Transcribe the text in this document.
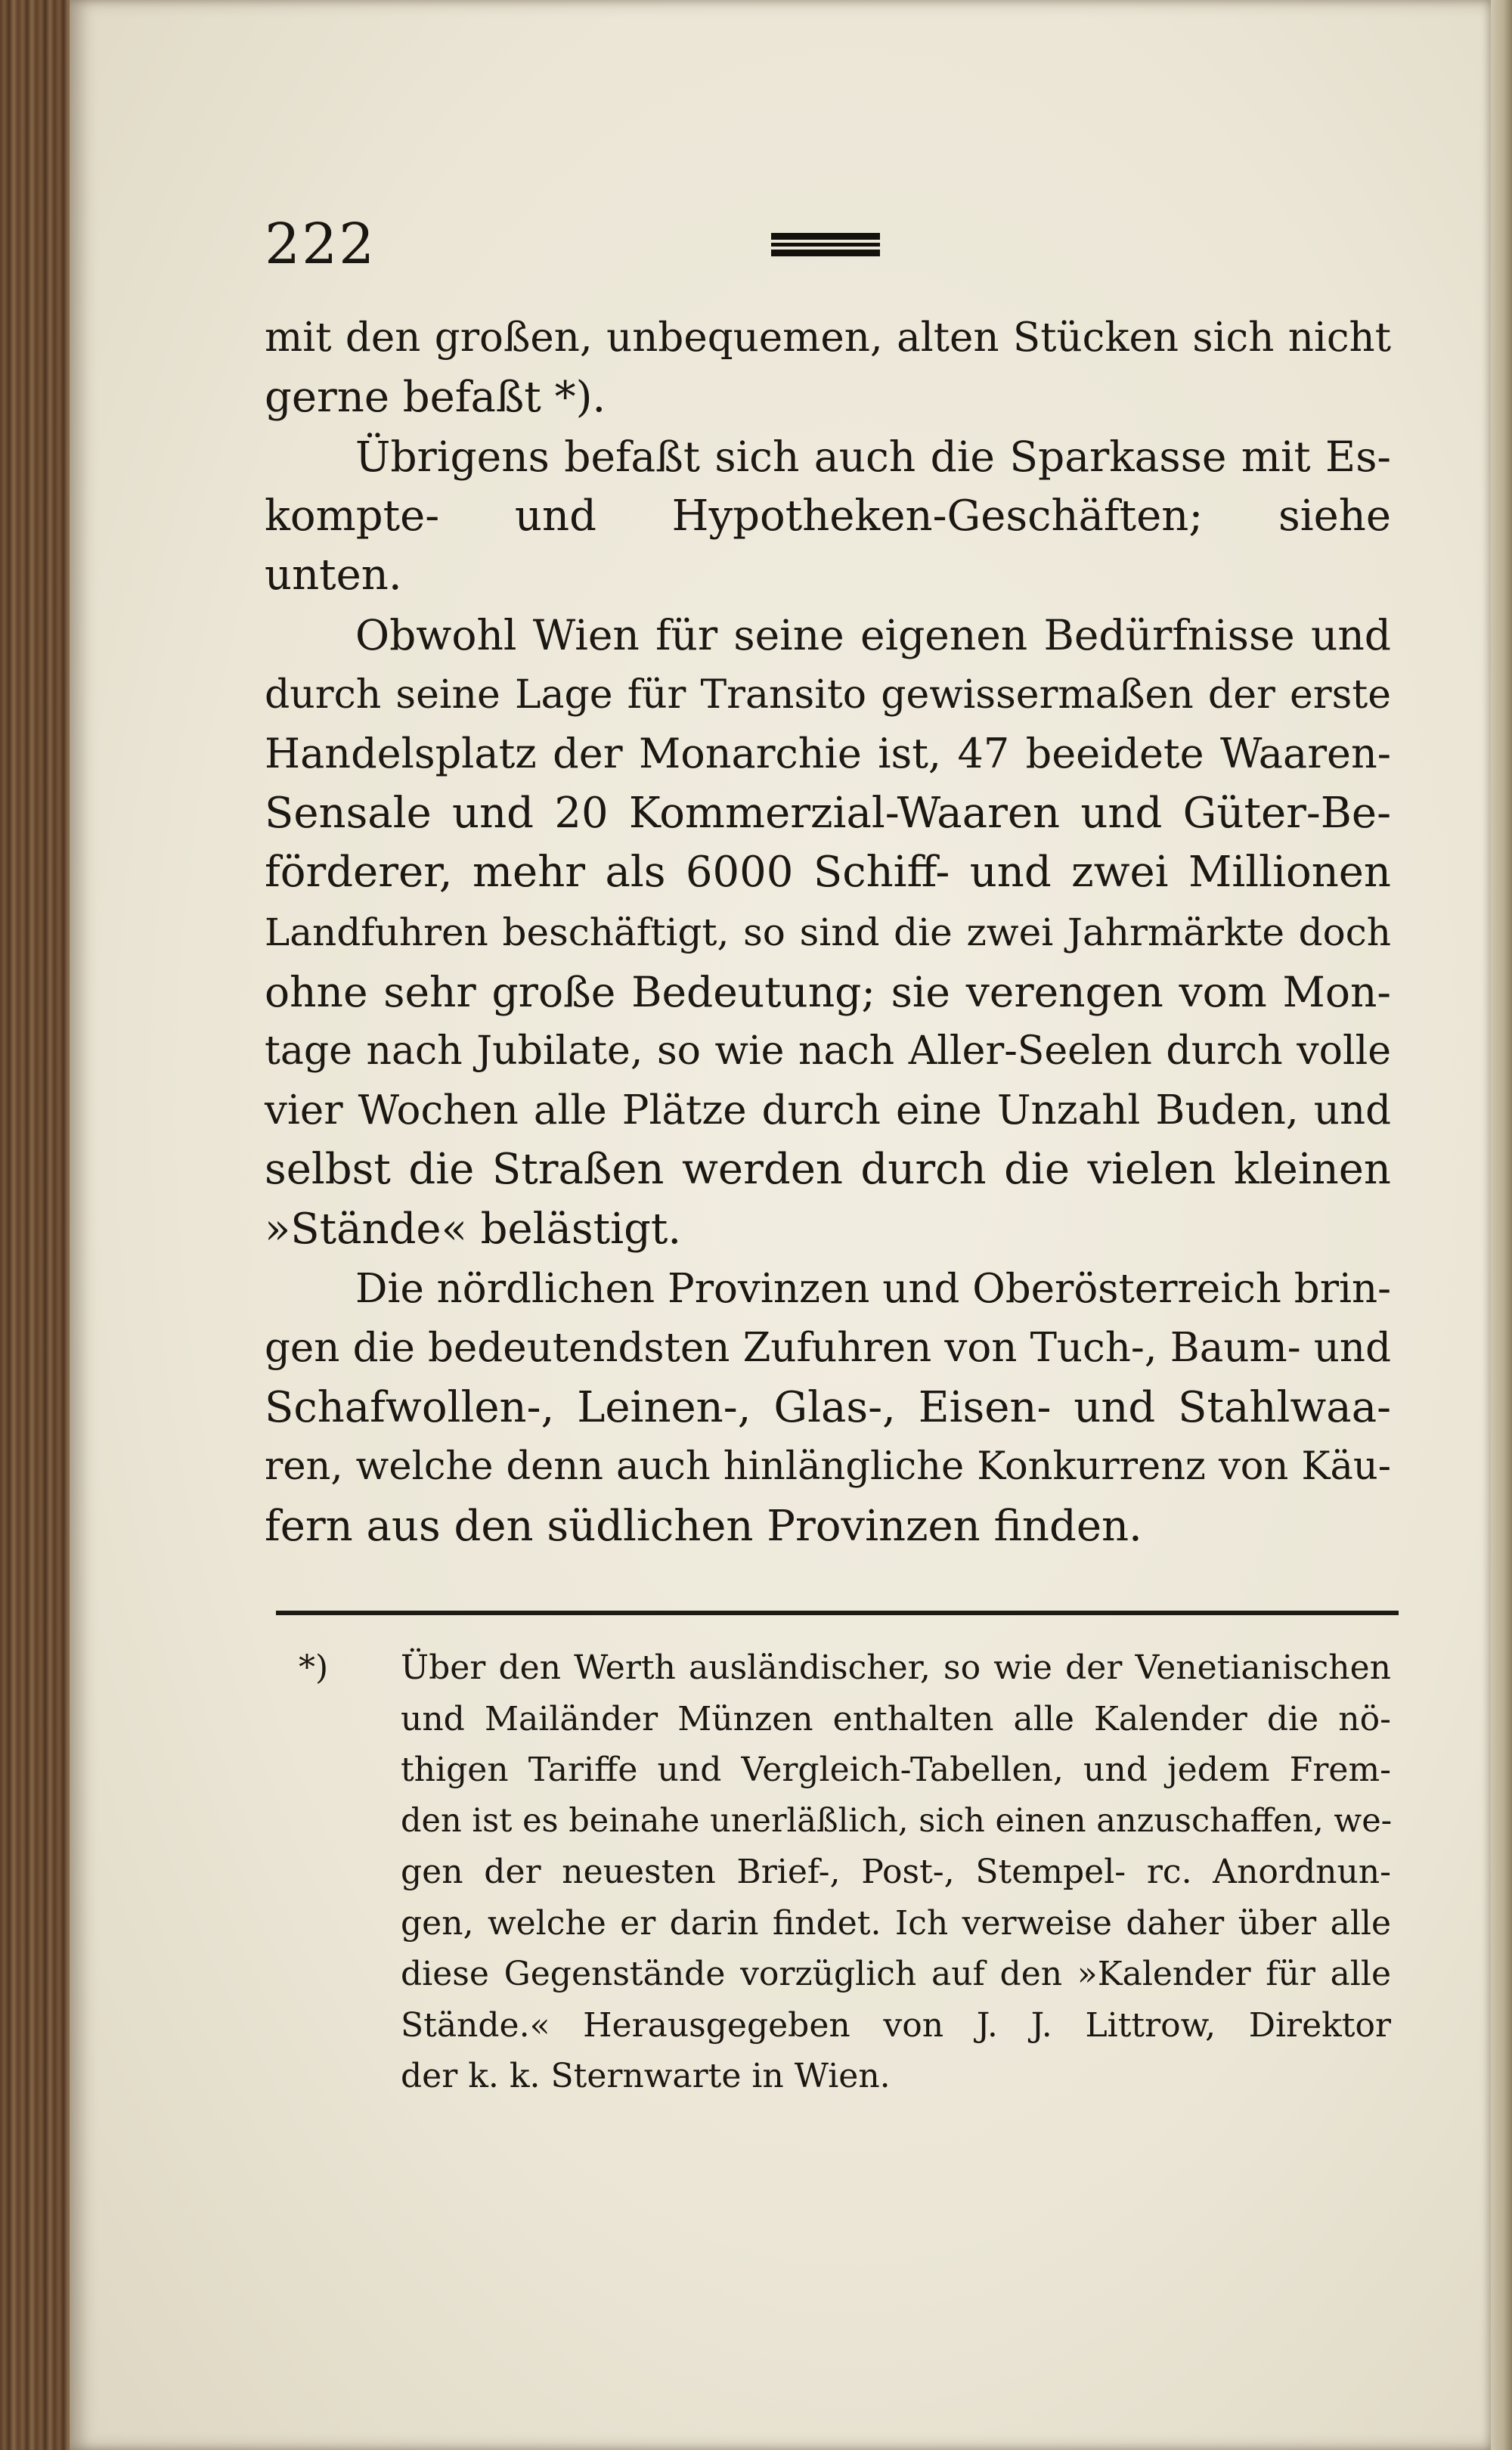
222
mit den großen, unbequemen, alten Stücken sich nicht
gerne befaßt *).
Übrigens befaßt sich auch die Sparkasse mit Es-
kompte- und Hypotheken-Geschäften; siehe
unten.
Obwohl Wien für seine eigenen Bedürfnisse und
durch seine Lage für Transito gewissermaßen der erste
Handelsplatz der Monarchie ist, 47 beeidete Waaren-
Sensale und 20 Kommerzial-Waaren und Güter-Be-
förderer, mehr als 6000 Schiff- und zwei Millionen
Landfuhren beschäftigt, so sind die zwei Jahrmärkte doch
ohne sehr große Bedeutung; sie verengen vom Mon-
tage nach Jubilate, so wie nach Aller-Seelen durch volle
vier Wochen alle Plätze durch eine Unzahl Buden, und
selbst die Straßen werden durch die vielen kleinen
»Stände« belästigt.
Die nördlichen Provinzen und Oberösterreich brin-
gen die bedeutendsten Zufuhren von Tuch-, Baum- und
Schafwollen-, Leinen-, Glas-, Eisen- und Stahlwaa-
ren, welche denn auch hinlängliche Konkurrenz von Käu-
fern aus den südlichen Provinzen finden.
*) Über den Werth ausländischer, so wie der Venetianischen
und Mailänder Münzen enthalten alle Kalender die nö-
thigen Tariffe und Vergleich-Tabellen, und jedem Frem-
den ist es beinahe unerläßlich, sich einen anzuschaffen, we-
gen der neuesten Brief-, Post-, Stempel- rc. Anordnun-
gen, welche er darin findet. Ich verweise daher über alle
diese Gegenstände vorzüglich auf den »Kalender für alle
Stände.« Herausgegeben von J. J. Littrow, Direktor
der k. k. Sternwarte in Wien.
